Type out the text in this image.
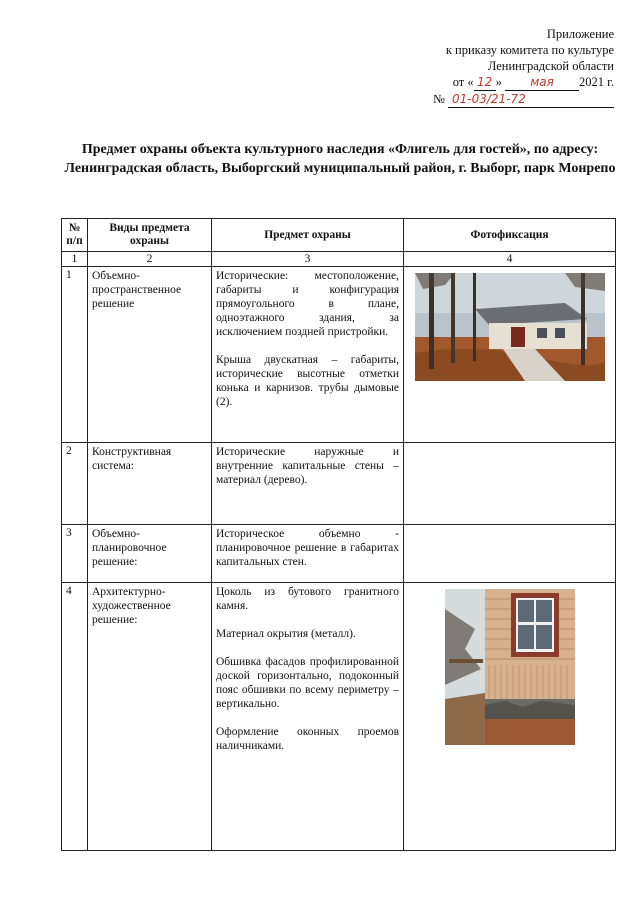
Приложение
к приказу комитета по культуре
Ленинградской области
от « 12 » мая 2021 г.
№ 01-03/21-72
Предмет охраны объекта культурного наследия «Флигель для гостей», по адресу: Ленинградская область, Выборгский муниципальный район, г. Выборг, парк Монрепо
№ п/п	Виды предмета охраны	Предмет охраны	Фотофиксация
1	2	3	4
1	Объемно-пространственное решение	Исторические: местоположение, габариты и конфигурация прямоугольного в плане, одноэтажного здания, за исключением поздней пристройки.

Крыша двускатная – габариты, исторические высотные отметки конька и карнизов. трубы дымовые (2).

2	Конструктивная система:	Исторические наружные и внутренние капитальные стены – материал (дерево).	

3	Объемно-планировочное решение:	Историческое объемно - планировочное решение в габаритах капитальных стен.	

4	Архитектурно-художественное решение:	Цоколь из бутового гранитного камня.

Материал окрытия (металл).

Обшивка фасадов профилированной доской горизонтально, подоконный пояс обшивки по всему периметру – вертикально.

Оформление оконных проемов наличниками.
